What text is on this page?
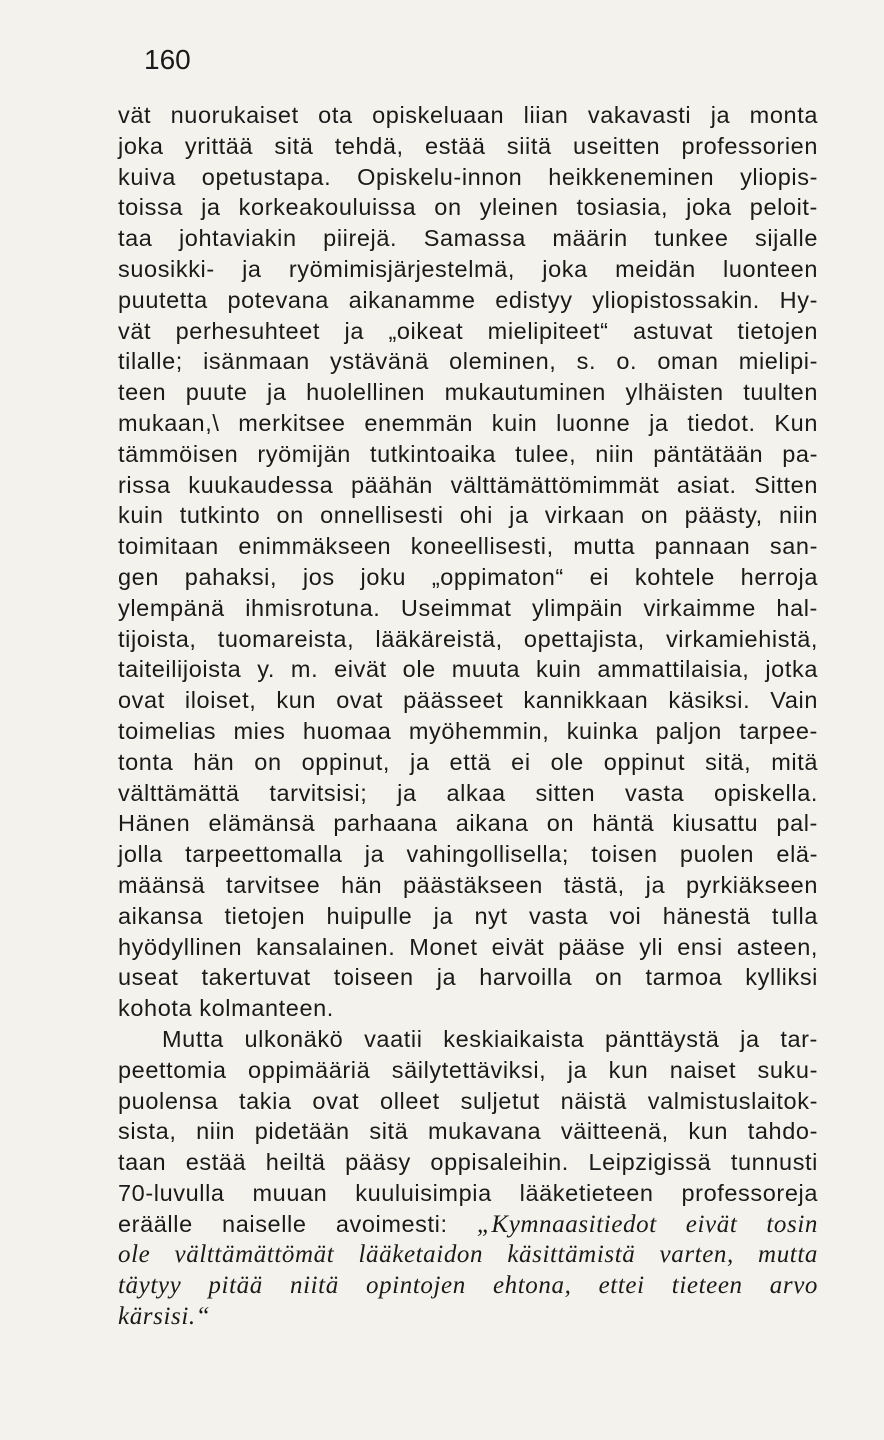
160
vät nuorukaiset ota opiskeluaan liian vakavasti ja monta
joka yrittää sitä tehdä, estää siitä useitten professorien
kuiva opetustapa. Opiskelu-innon heikkeneminen yliopis-
toissa ja korkeakouluissa on yleinen tosiasia, joka peloit-
taa johtaviakin piirejä. Samassa määrin tunkee sijalle
suosikki- ja ryömimisjärjestelmä, joka meidän luonteen
puutetta potevana aikanamme edistyy yliopistossakin. Hy-
vät perhesuhteet ja „oikeat mielipiteet“ astuvat tietojen
tilalle; isänmaan ystävänä oleminen, s. o. oman mielipi-
teen puute ja huolellinen mukautuminen ylhäisten tuulten
mukaan,\ merkitsee enemmän kuin luonne ja tiedot. Kun
tämmöisen ryömijän tutkintoaika tulee, niin päntätään pa-
rissa kuukaudessa päähän välttämättömimmät asiat. Sitten
kuin tutkinto on onnellisesti ohi ja virkaan on päästy, niin
toimitaan enimmäkseen koneellisesti, mutta pannaan san-
gen pahaksi, jos joku „oppimaton“ ei kohtele herroja
ylempänä ihmisrotuna. Useimmat ylimpäin virkaimme hal-
tijoista, tuomareista, lääkäreistä, opettajista, virkamiehistä,
taiteilijoista y. m. eivät ole muuta kuin ammattilaisia, jotka
ovat iloiset, kun ovat päässeet kannikkaan käsiksi. Vain
toimelias mies huomaa myöhemmin, kuinka paljon tarpee-
tonta hän on oppinut, ja että ei ole oppinut sitä, mitä
välttämättä tarvitsisi; ja alkaa sitten vasta opiskella.
Hänen elämänsä parhaana aikana on häntä kiusattu pal-
jolla tarpeettomalla ja vahingollisella; toisen puolen elä-
määnsä tarvitsee hän päästäkseen tästä, ja pyrkiäkseen
aikansa tietojen huipulle ja nyt vasta voi hänestä tulla
hyödyllinen kansalainen. Monet eivät pääse yli ensi asteen,
useat takertuvat toiseen ja harvoilla on tarmoa kylliksi
kohota kolmanteen.
Mutta ulkonäkö vaatii keskiaikaista pänttäystä ja tar-
peettomia oppimääriä säilytettäviksi, ja kun naiset suku-
puolensa takia ovat olleet suljetut näistä valmistuslaitok-
sista, niin pidetään sitä mukavana väitteenä, kun tahdo-
taan estää heiltä pääsy oppisaleihin. Leipzigissä tunnusti
70-luvulla muuan kuuluisimpia lääketieteen professoreja
eräälle naiselle avoimesti: „Kymnaasitiedot eivät tosin
ole välttämättömät lääketaidon käsittämistä varten, mutta
täytyy pitää niitä opintojen ehtona, ettei tieteen arvo
kärsisi.“
